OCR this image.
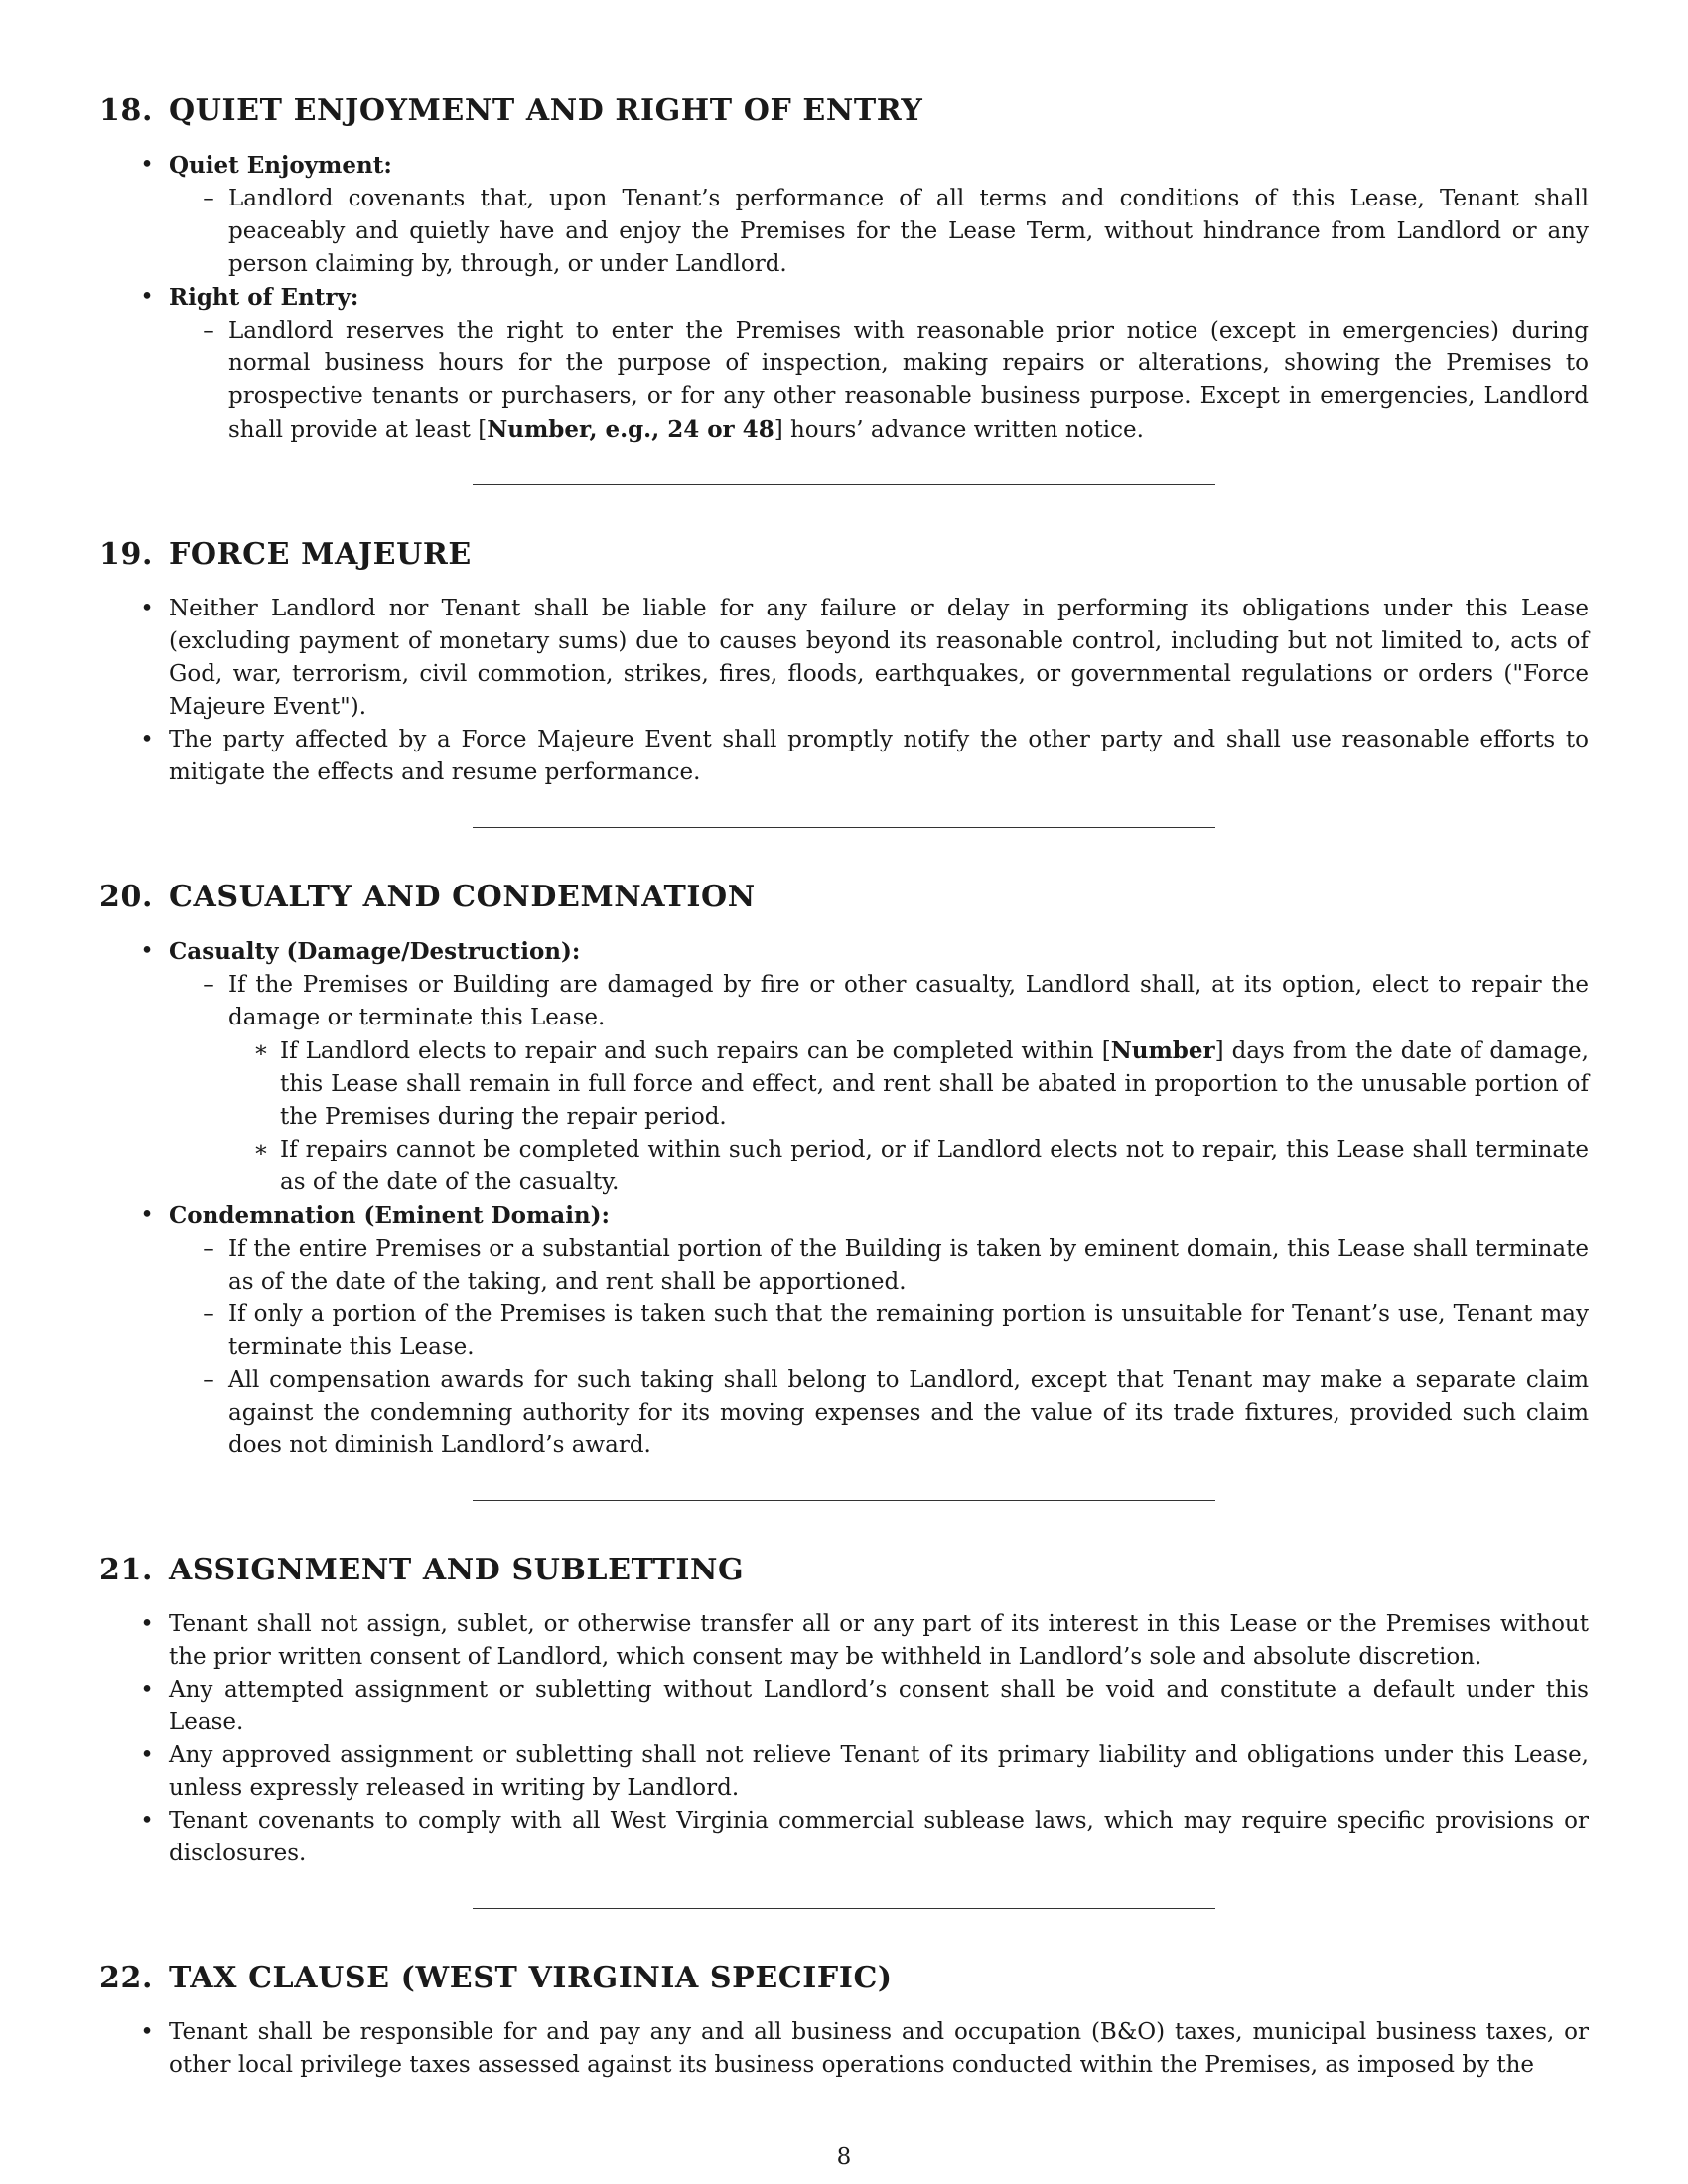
18. QUIET ENJOYMENT AND RIGHT OF ENTRY
• Quiet Enjoyment:
– Landlord covenants that, upon Tenant’s performance of all terms and conditions of this Lease, Tenant shall peaceably and quietly have and enjoy the Premises for the Lease Term, without hindrance from Landlord or any person claiming by, through, or under Landlord.
• Right of Entry:
– Landlord reserves the right to enter the Premises with reasonable prior notice (except in emergencies) during normal business hours for the purpose of inspection, making repairs or alterations, showing the Premises to prospective tenants or purchasers, or for any other reasonable business purpose. Except in emergencies, Landlord shall provide at least [Number, e.g., 24 or 48] hours’ advance written notice.
19. FORCE MAJEURE
• Neither Landlord nor Tenant shall be liable for any failure or delay in performing its obligations under this Lease (excluding payment of monetary sums) due to causes beyond its reasonable control, including but not limited to, acts of God, war, terrorism, civil commotion, strikes, fires, floods, earthquakes, or governmental regulations or orders ("Force Majeure Event").
• The party affected by a Force Majeure Event shall promptly notify the other party and shall use reasonable efforts to mitigate the effects and resume performance.
20. CASUALTY AND CONDEMNATION
• Casualty (Damage/Destruction):
– If the Premises or Building are damaged by fire or other casualty, Landlord shall, at its option, elect to repair the damage or terminate this Lease.
∗ If Landlord elects to repair and such repairs can be completed within [Number] days from the date of damage, this Lease shall remain in full force and effect, and rent shall be abated in proportion to the unusable portion of the Premises during the repair period.
∗ If repairs cannot be completed within such period, or if Landlord elects not to repair, this Lease shall terminate as of the date of the casualty.
• Condemnation (Eminent Domain):
– If the entire Premises or a substantial portion of the Building is taken by eminent domain, this Lease shall terminate as of the date of the taking, and rent shall be apportioned.
– If only a portion of the Premises is taken such that the remaining portion is unsuitable for Tenant’s use, Tenant may terminate this Lease.
– All compensation awards for such taking shall belong to Landlord, except that Tenant may make a separate claim against the condemning authority for its moving expenses and the value of its trade fixtures, provided such claim does not diminish Landlord’s award.
21. ASSIGNMENT AND SUBLETTING
• Tenant shall not assign, sublet, or otherwise transfer all or any part of its interest in this Lease or the Premises without the prior written consent of Landlord, which consent may be withheld in Landlord’s sole and absolute discretion.
• Any attempted assignment or subletting without Landlord’s consent shall be void and constitute a default under this Lease.
• Any approved assignment or subletting shall not relieve Tenant of its primary liability and obligations under this Lease, unless expressly released in writing by Landlord.
• Tenant covenants to comply with all West Virginia commercial sublease laws, which may require specific provisions or disclosures.
22. TAX CLAUSE (WEST VIRGINIA SPECIFIC)
• Tenant shall be responsible for and pay any and all business and occupation (B&O) taxes, municipal business taxes, or other local privilege taxes assessed against its business operations conducted within the Premises, as imposed by the
8
